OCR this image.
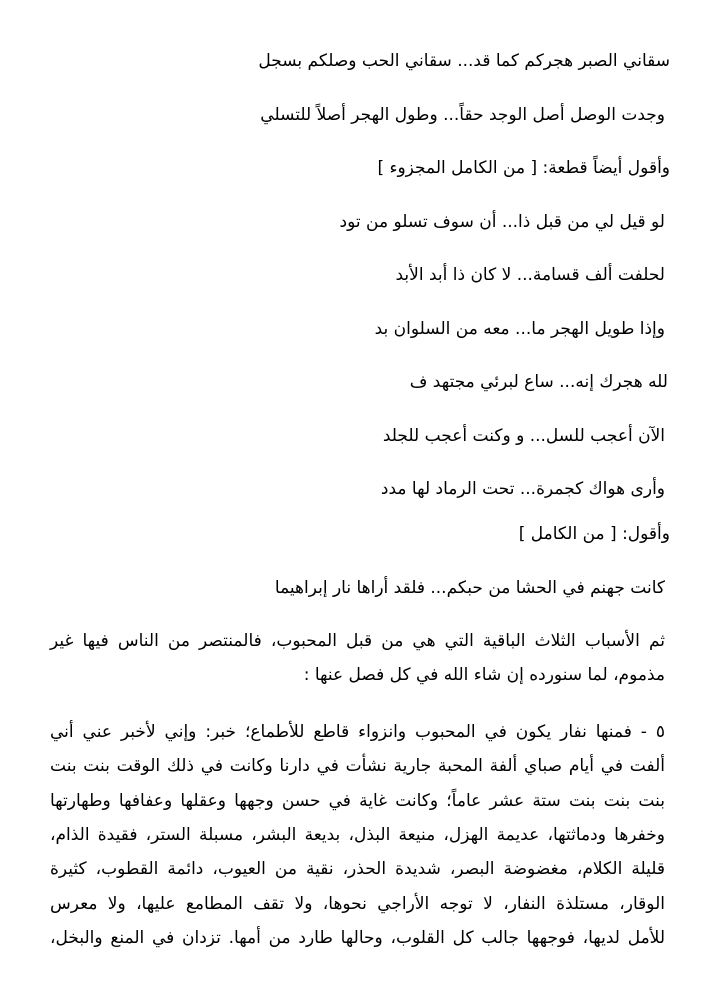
سقاني الصبر هجركم كما قد... سقاني الحب وصلكم بسجل
وجدت الوصل أصل الوجد حقاً... وطول الهجر أصلاً للتسلي
وأقول أيضاً قطعة: [ من الكامل المجزوء ]
لو قيل لي من قبل ذا... أن سوف تسلو من تود
لحلفت ألف قسامة... لا كان ذا أبد الأبد
وإذا طويل الهجر ما... معه من السلوان بد
لله هجرك إنه... ساع لبرئي مجتهد ف
الآن أعجب للسل... و وكنت أعجب للجلد
وأرى هواك كجمرة... تحت الرماد لها مدد
وأقول: [ من الكامل ]
كانت جهنم في الحشا من حبكم... فلقد أراها نار إبراهيما
ثم الأسباب الثلاث الباقية التي هي من قبل المحبوب، فالمنتصر من الناس فيها غير
مذموم، لما سنورده إن شاء الله في كل فصل عنها :
٥ - فمنها نفار يكون في المحبوب وانزواء قاطع للأطماع؛ خبر: وإني لأخبر عني أني
ألفت في أيام صباي ألفة المحبة جارية نشأت في دارنا وكانت في ذلك الوقت بنت بنت
بنت بنت بنت ستة عشر عاماً؛ وكانت غاية في حسن وجهها وعقلها وعفافها وطهارتها
وخفرها ودماثتها، عديمة الهزل، منيعة البذل، بديعة البشر، مسبلة الستر، فقيدة الذام،
قليلة الكلام، مغضوضة البصر، شديدة الحذر، نقية من العيوب، دائمة القطوب، كثيرة
الوقار، مستلذة النفار، لا توجه الأراجي نحوها، ولا تقف المطامع عليها، ولا معرس
للأمل لديها، فوجهها جالب كل القلوب، وحالها طارد من أمها. تزدان في المنع والبخل،
